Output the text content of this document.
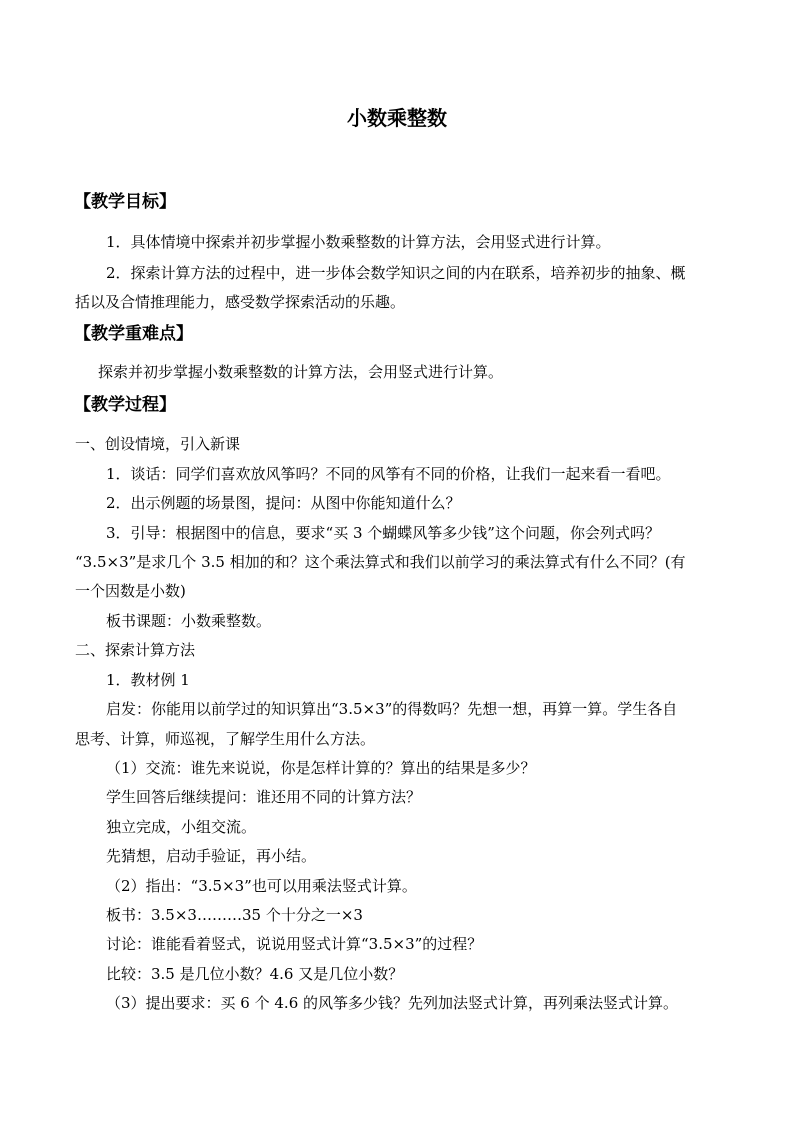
小数乘整数
【教学目标】
1．具体情境中探索并初步掌握小数乘整数的计算方法，会用竖式进行计算。
2．探索计算方法的过程中，进一步体会数学知识之间的内在联系，培养初步的抽象、概
括以及合情推理能力，感受数学探索活动的乐趣。
【教学重难点】
探索并初步掌握小数乘整数的计算方法，会用竖式进行计算。
【教学过程】
一、创设情境，引入新课
1．谈话：同学们喜欢放风筝吗？不同的风筝有不同的价格，让我们一起来看一看吧。
2．出示例题的场景图，提问：从图中你能知道什么？
3．引导：根据图中的信息，要求“买 3 个蝴蝶风筝多少钱”这个问题，你会列式吗？
“3.5×3”是求几个 3.5 相加的和？这个乘法算式和我们以前学习的乘法算式有什么不同？(有
一个因数是小数)
板书课题：小数乘整数。
二、探索计算方法
1．教材例 1
启发：你能用以前学过的知识算出“3.5×3”的得数吗？先想一想，再算一算。学生各自
思考、计算，师巡视，了解学生用什么方法。
（1）交流：谁先来说说，你是怎样计算的？算出的结果是多少？
学生回答后继续提问：谁还用不同的计算方法？
独立完成，小组交流。
先猜想，启动手验证，再小结。
（2）指出：“3.5×3”也可以用乘法竖式计算。
板书：3.5×3………35 个十分之一×3
讨论：谁能看着竖式，说说用竖式计算“3.5×3”的过程？
比较：3.5 是几位小数？4.6 又是几位小数？
（3）提出要求：买 6 个 4.6 的风筝多少钱？先列加法竖式计算，再列乘法竖式计算。
